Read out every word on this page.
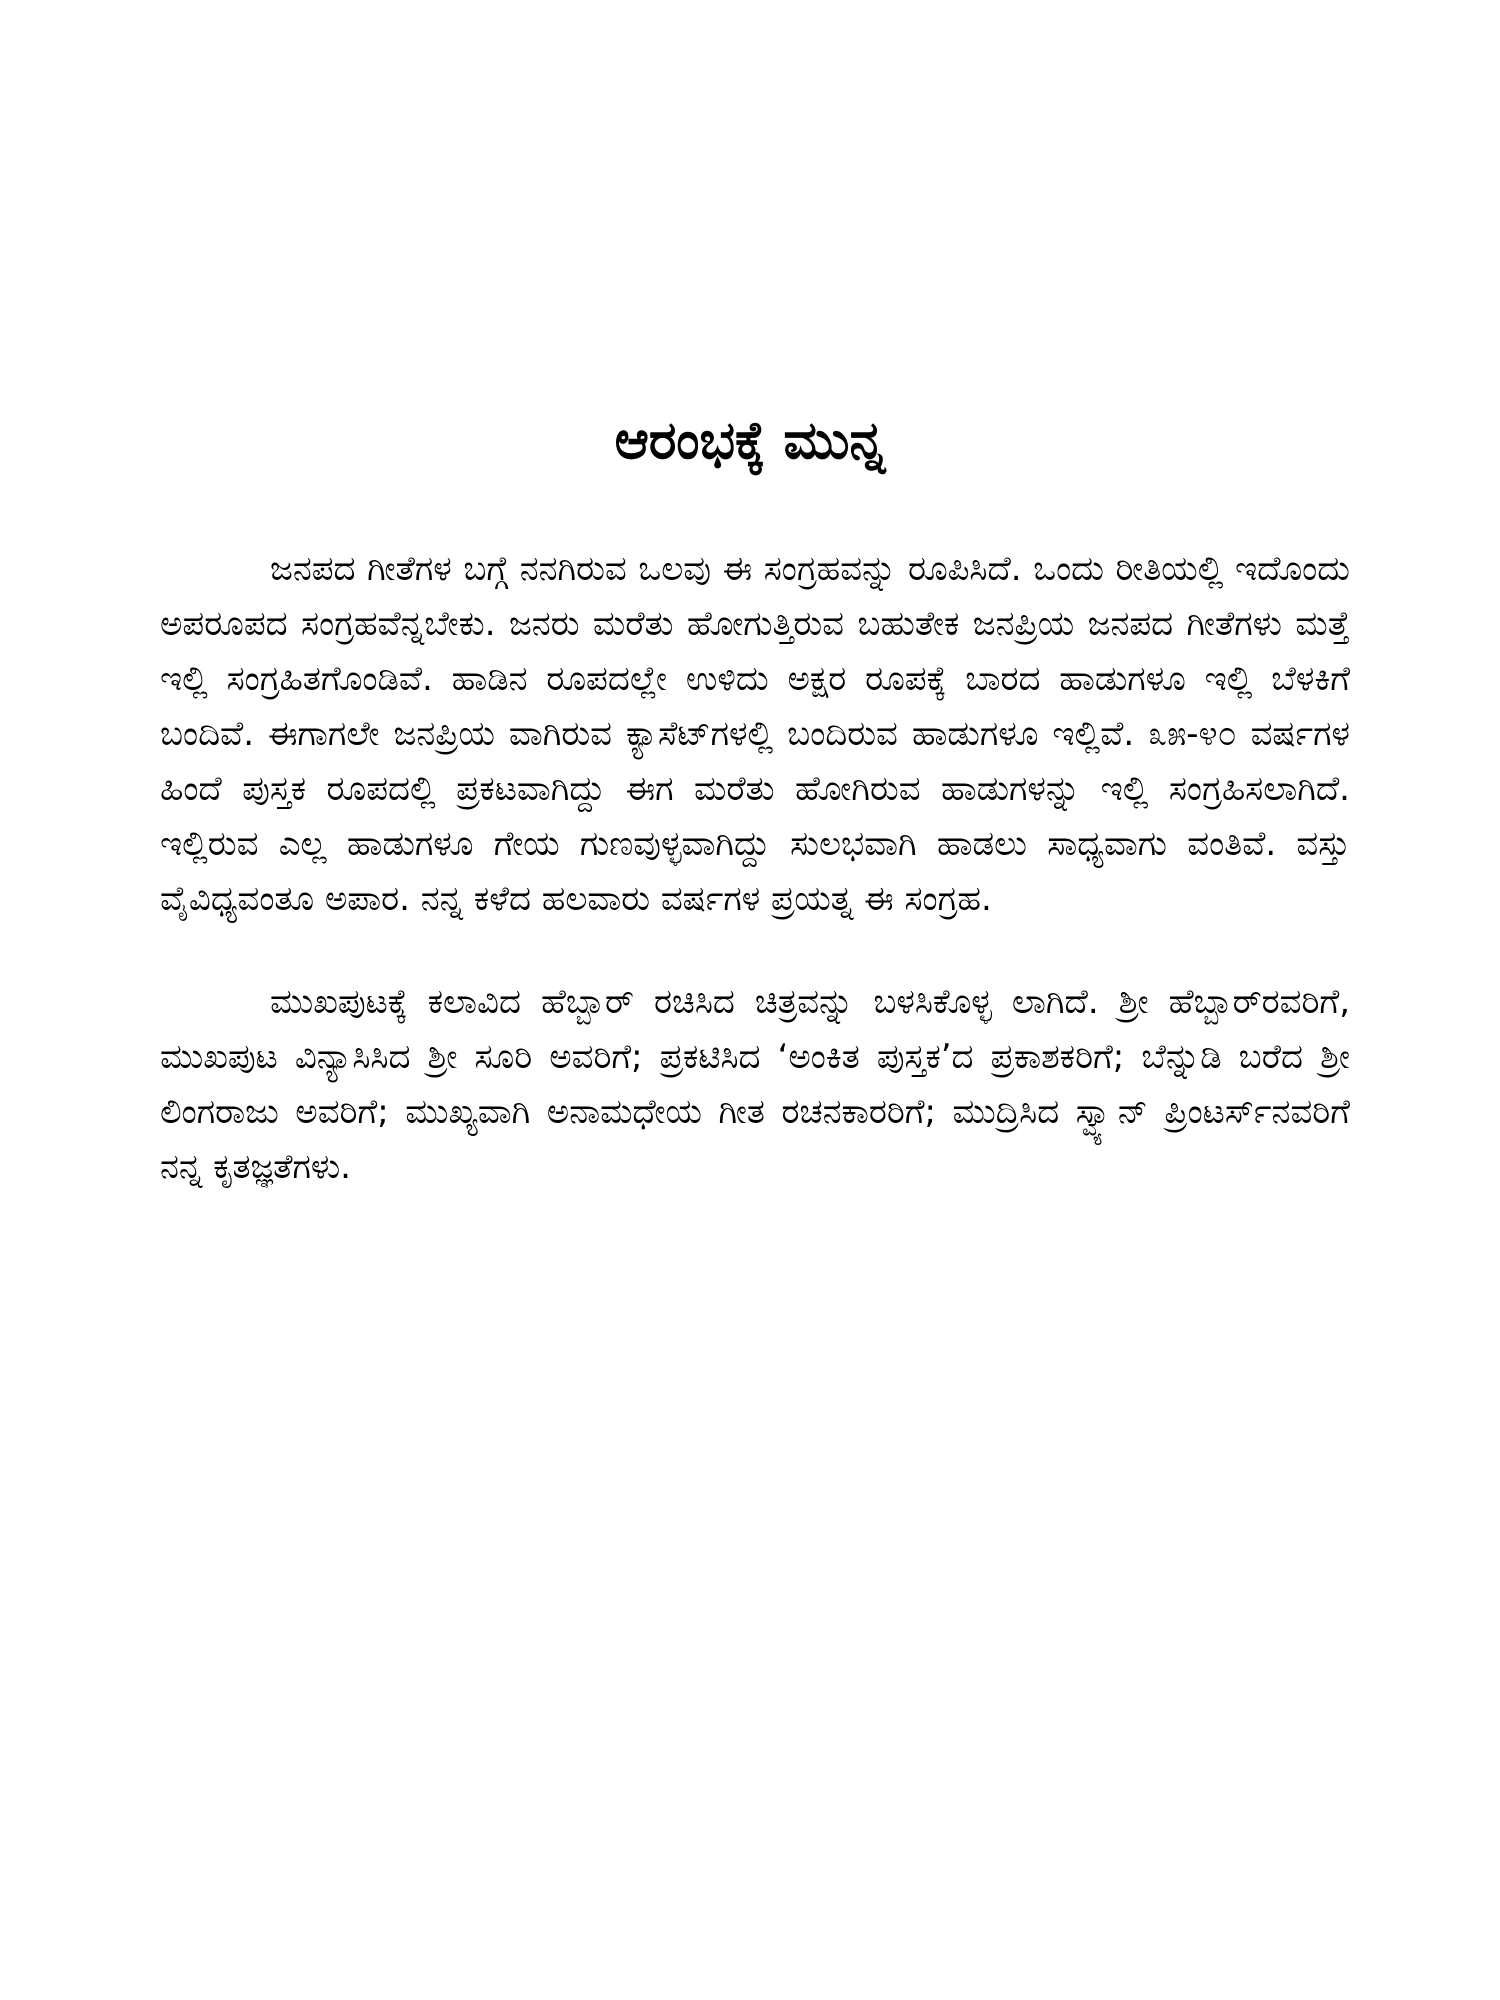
ಆರಂಭಕ್ಕೆ ಮುನ್ನ

ಜನಪದ ಗೀತೆಗಳ ಬಗ್ಗೆ ನನಗಿರುವ ಒಲವು ಈ ಸಂಗ್ರಹವನ್ನು ರೂಪಿಸಿದೆ. ಒಂದು ರೀತಿಯಲ್ಲಿ ಇದೊಂದು ಅಪರೂಪದ ಸಂಗ್ರಹವೆನ್ನಬೇಕು. ಜನರು ಮರೆತು ಹೋಗುತ್ತಿರುವ ಬಹುತೇಕ ಜನಪ್ರಿಯ ಜನಪದ ಗೀತೆಗಳು ಮತ್ತೆ ಇಲ್ಲಿ ಸಂಗ್ರಹಿತಗೊಂಡಿವೆ. ಹಾಡಿನ ರೂಪದಲ್ಲೇ ಉಳಿದು ಅಕ್ಷರ ರೂಪಕ್ಕೆ ಬಾರದ ಹಾಡುಗಳೂ ಇಲ್ಲಿ ಬೆಳಕಿಗೆ ಬಂದಿವೆ. ಈಗಾಗಲೇ ಜನಪ್ರಿಯ ವಾಗಿರುವ ಕ್ಯಾಸೆಟ್‌ಗಳಲ್ಲಿ ಬಂದಿರುವ ಹಾಡುಗಳೂ ಇಲ್ಲಿವೆ. ೩೫-೪೦ ವರ್ಷಗಳ ಹಿಂದೆ ಪುಸ್ತಕ ರೂಪದಲ್ಲಿ ಪ್ರಕಟವಾಗಿದ್ದು ಈಗ ಮರೆತು ಹೋಗಿರುವ ಹಾಡುಗಳನ್ನು ಇಲ್ಲಿ ಸಂಗ್ರಹಿಸಲಾಗಿದೆ. ಇಲ್ಲಿರುವ ಎಲ್ಲ ಹಾಡುಗಳೂ ಗೇಯ ಗುಣವುಳ್ಳವಾಗಿದ್ದು ಸುಲಭವಾಗಿ ಹಾಡಲು ಸಾಧ್ಯವಾಗು ವಂತಿವೆ. ವಸ್ತು ವೈವಿಧ್ಯವಂತೂ ಅಪಾರ. ನನ್ನ ಕಳೆದ ಹಲವಾರು ವರ್ಷಗಳ ಪ್ರಯತ್ನ ಈ ಸಂಗ್ರಹ.

ಮುಖಪುಟಕ್ಕೆ ಕಲಾವಿದ ಹೆಬ್ಬಾರ್ ರಚಿಸಿದ ಚಿತ್ರವನ್ನು ಬಳಸಿಕೊಳ್ಳ ಲಾಗಿದೆ. ಶ್ರೀ ಹೆಬ್ಬಾರ್‌ರವರಿಗೆ, ಮುಖಪುಟ ವಿನ್ಯಾಸಿಸಿದ ಶ್ರೀ ಸೂರಿ ಅವರಿಗೆ; ಪ್ರಕಟಿಸಿದ ‘ಅಂಕಿತ ಪುಸ್ತಕ’ದ ಪ್ರಕಾಶಕರಿಗೆ; ಬೆನ್ನುಡಿ ಬರೆದ ಶ್ರೀ ಲಿಂಗರಾಜು ಅವರಿಗೆ; ಮುಖ್ಯವಾಗಿ ಅನಾಮಧೇಯ ಗೀತ ರಚನಕಾರರಿಗೆ; ಮುದ್ರಿಸಿದ ಸ್ವ್ಯಾನ್ ಪ್ರಿಂಟರ್ಸ್‌ನವರಿಗೆ ನನ್ನ ಕೃತಜ್ಞತೆಗಳು.
